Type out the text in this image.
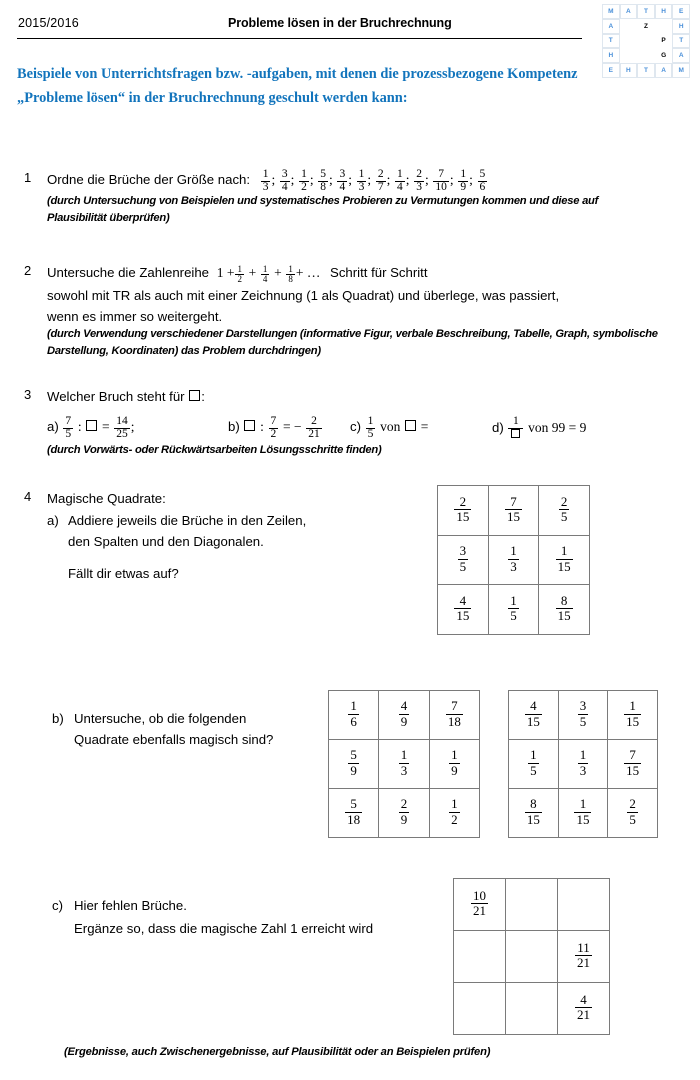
2015/2016	Probleme lösen in der Bruchrechnung
M	A	T	H	E
A	Z	H
T	P	T
H	G	A
E	H	T	A	M
Beispiele von Unterrichtsfragen bzw. -aufgaben, mit denen die prozessbezogene Kompetenz „Probleme lösen“ in der Bruchrechnung geschult werden kann:
1 Ordne die Brüche der Größe nach: $\frac{1}{3}$ ; $\frac{3}{4}$ ; $\frac{1}{2}$ ; $\frac{5}{8}$ ; $\frac{3}{4}$ ; $\frac{1}{3}$ ; $\frac{2}{7}$ ; $\frac{1}{4}$ ; $\frac{2}{3}$ ; $\frac{7}{10}$ ; $\frac{1}{9}$ ; $\frac{5}{6}$
(durch Untersuchung von Beispielen und systematisches Probieren zu Vermutungen kommen und diese auf Plausibilität überprüfen)
2 Untersuche die Zahlenreihe $1 + \frac{1}{2} + \frac{1}{4} + \frac{1}{8}$ + … Schritt für Schritt
sowohl mit TR als auch mit einer Zeichnung (1 als Quadrat) und überlege, was passiert,
wenn es immer so weitergeht.
(durch Verwendung verschiedener Darstellungen (informative Figur, verbale Beschreibung, Tabelle, Graph, symbolische Darstellung, Koordinaten) das Problem durchdringen)
3 Welcher Bruch steht für :
$a) \frac{7}{5}$ : = $\frac{14}{25}$ ;	b) : $\frac{7}{2}$ = − $\frac{2}{21} c) \frac{1}{5}$ von =	d) 1 von 99 = 9
(durch Vorwärts- oder Rückwärtsarbeiten Lösungsschritte finden)
4 Magische Quadrate:
a) Addiere jeweils die Brüche in den Zeilen,
den Spalten und den Diagonalen.
Fällt dir etwas auf?
$\frac{2}{15}$	$\frac{7}{15}$	$\frac{2}{5}$

$\frac{3}{5}$	$\frac{1}{3}$	$\frac{1}{15}$

$\frac{4}{15}$	$\frac{1}{5}$	$\frac{8}{15}$
b) Untersuche, ob die folgenden
Quadrate ebenfalls magisch sind?
$\frac{1}{6}$	$\frac{4}{9}$	$\frac{7}{18}$

$\frac{5}{9}$	$\frac{1}{3}$	$\frac{1}{9}$

$\frac{5}{18}$	$\frac{2}{9}$	$\frac{1}{2}$
$\frac{4}{15}$	$\frac{3}{5}$	$\frac{1}{15}$

$\frac{1}{5}$	$\frac{1}{3}$	$\frac{7}{15}$

$\frac{8}{15}$	$\frac{1}{15}$	$\frac{2}{5}$
c) Hier fehlen Brüche.
Ergänze so, dass die magische Zahl 1 erreicht wird
$\frac{10}{21}$

		$\frac{11}{21}$

		$\frac{4}{21}$
(Ergebnisse, auch Zwischenergebnisse, auf Plausibilität oder an Beispielen prüfen)
